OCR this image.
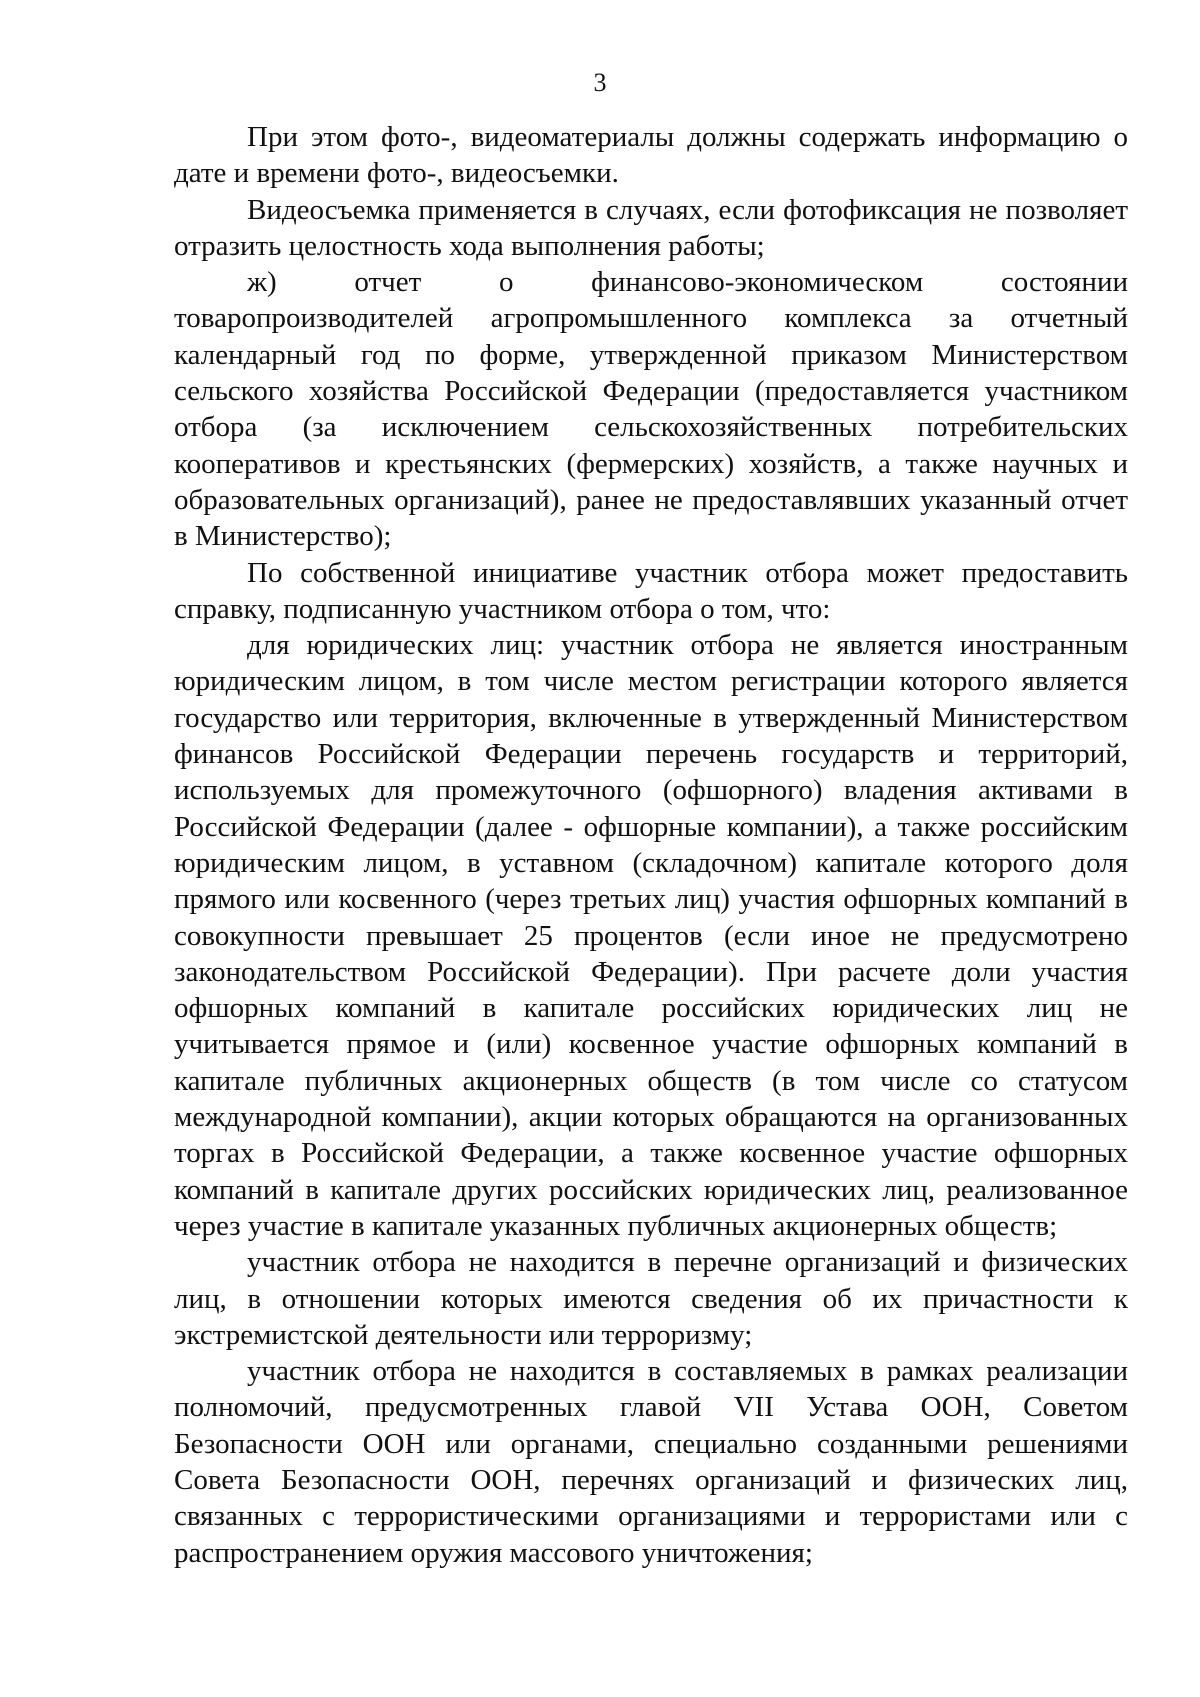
3

При этом фото-, видеоматериалы должны содержать информацию о дате и времени фото-, видеосъемки.

Видеосъемка применяется в случаях, если фотофиксация не позволяет отразить целостность хода выполнения работы;

ж) отчет о финансово-экономическом состоянии товаропроизводителей агропромышленного комплекса за отчетный календарный год по форме, утвержденной приказом Министерством сельского хозяйства Российской Федерации (предоставляется участником отбора (за исключением сельскохозяйственных потребительских кооперативов и крестьянских (фермерских) хозяйств, а также научных и образовательных организаций), ранее не предоставлявших указанный отчет в Министерство);

По собственной инициативе участник отбора может предоставить справку, подписанную участником отбора о том, что:

для юридических лиц: участник отбора не является иностранным юридическим лицом, в том числе местом регистрации которого является государство или территория, включенные в утвержденный Министерством финансов Российской Федерации перечень государств и территорий, используемых для промежуточного (офшорного) владения активами в Российской Федерации (далее - офшорные компании), а также российским юридическим лицом, в уставном (складочном) капитале которого доля прямого или косвенного (через третьих лиц) участия офшорных компаний в совокупности превышает 25 процентов (если иное не предусмотрено законодательством Российской Федерации). При расчете доли участия офшорных компаний в капитале российских юридических лиц не учитывается прямое и (или) косвенное участие офшорных компаний в капитале публичных акционерных обществ (в том числе со статусом международной компании), акции которых обращаются на организованных торгах в Российской Федерации, а также косвенное участие офшорных компаний в капитале других российских юридических лиц, реализованное через участие в капитале указанных публичных акционерных обществ;

участник отбора не находится в перечне организаций и физических лиц, в отношении которых имеются сведения об их причастности к экстремистской деятельности или терроризму;

участник отбора не находится в составляемых в рамках реализации полномочий, предусмотренных главой VII Устава ООН, Советом Безопасности ООН или органами, специально созданными решениями Совета Безопасности ООН, перечнях организаций и физических лиц, связанных с террористическими организациями и террористами или с распространением оружия массового уничтожения;
